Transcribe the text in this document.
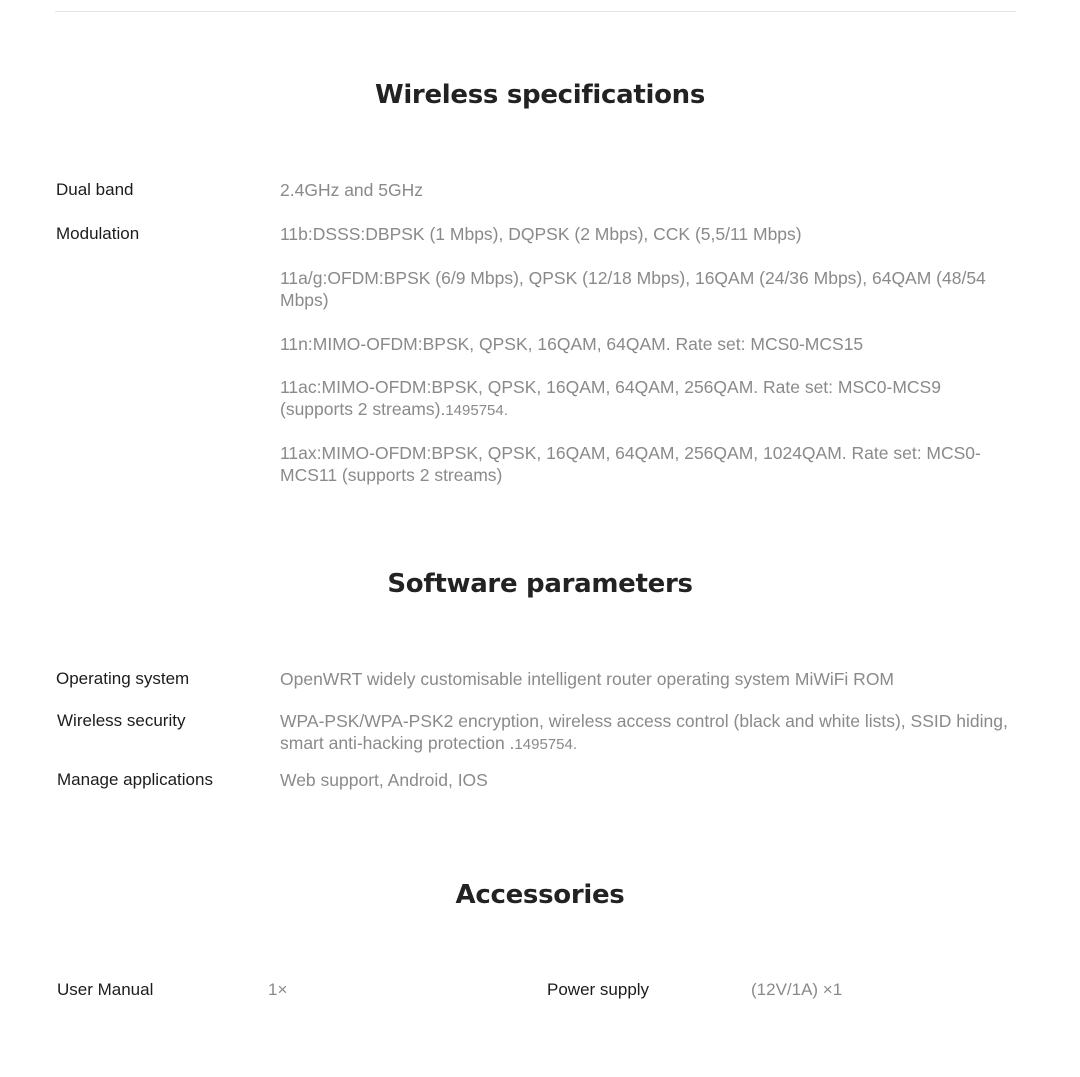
Wireless specifications
Dual band	2.4GHz and 5GHz
Modulation	11b:DSSS:DBPSK (1 Mbps), DQPSK (2 Mbps), CCK (5,5/11 Mbps)
11a/g:OFDM:BPSK (6/9 Mbps), QPSK (12/18 Mbps), 16QAM (24/36 Mbps), 64QAM (48/54 Mbps)
11n:MIMO-OFDM:BPSK, QPSK, 16QAM, 64QAM. Rate set: MCS0-MCS15
11ac:MIMO-OFDM:BPSK, QPSK, 16QAM, 64QAM, 256QAM. Rate set: MSC0-MCS9 (supports 2 streams).1495754.
11ax:MIMO-OFDM:BPSK, QPSK, 16QAM, 64QAM, 256QAM, 1024QAM. Rate set: MCS0-MCS11 (supports 2 streams)
Software parameters
Operating system	OpenWRT widely customisable intelligent router operating system MiWiFi ROM
Wireless security	WPA-PSK/WPA-PSK2 encryption, wireless access control (black and white lists), SSID hiding, smart anti-hacking protection .1495754.
Manage applications	Web support, Android, IOS
Accessories
User Manual	1×	Power supply	(12V/1A) ×1
